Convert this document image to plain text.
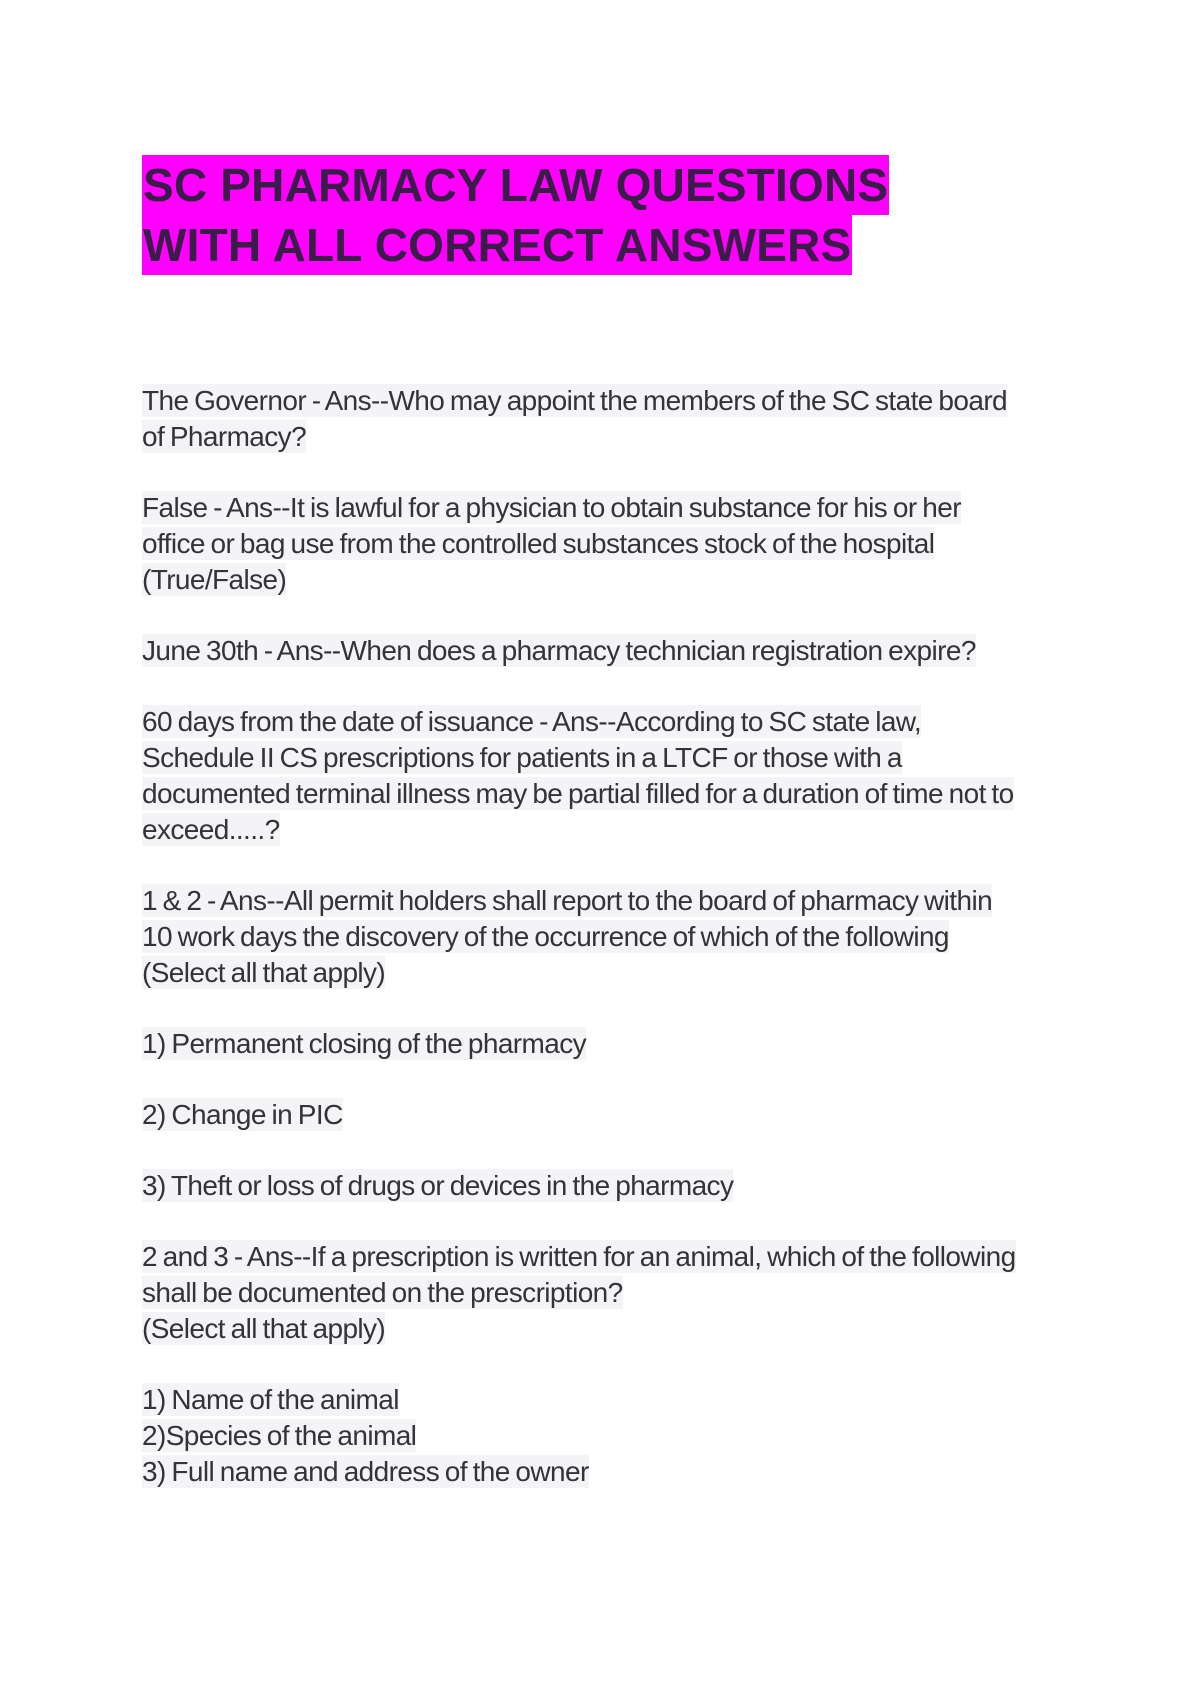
SC PHARMACY LAW QUESTIONS
WITH ALL CORRECT ANSWERS

The Governor - Ans--Who may appoint the members of the SC state board
of Pharmacy?

False - Ans--It is lawful for a physician to obtain substance for his or her
office or bag use from the controlled substances stock of the hospital
(True/False)

June 30th - Ans--When does a pharmacy technician registration expire?

60 days from the date of issuance - Ans--According to SC state law,
Schedule II CS prescriptions for patients in a LTCF or those with a
documented terminal illness may be partial filled for a duration of time not to
exceed.....?

1 & 2 - Ans--All permit holders shall report to the board of pharmacy within
10 work days the discovery of the occurrence of which of the following
(Select all that apply)

1) Permanent closing of the pharmacy

2) Change in PIC

3) Theft or loss of drugs or devices in the pharmacy

2 and 3 - Ans--If a prescription is written for an animal, which of the following
shall be documented on the prescription?
(Select all that apply)

1) Name of the animal
2)Species of the animal
3) Full name and address of the owner
